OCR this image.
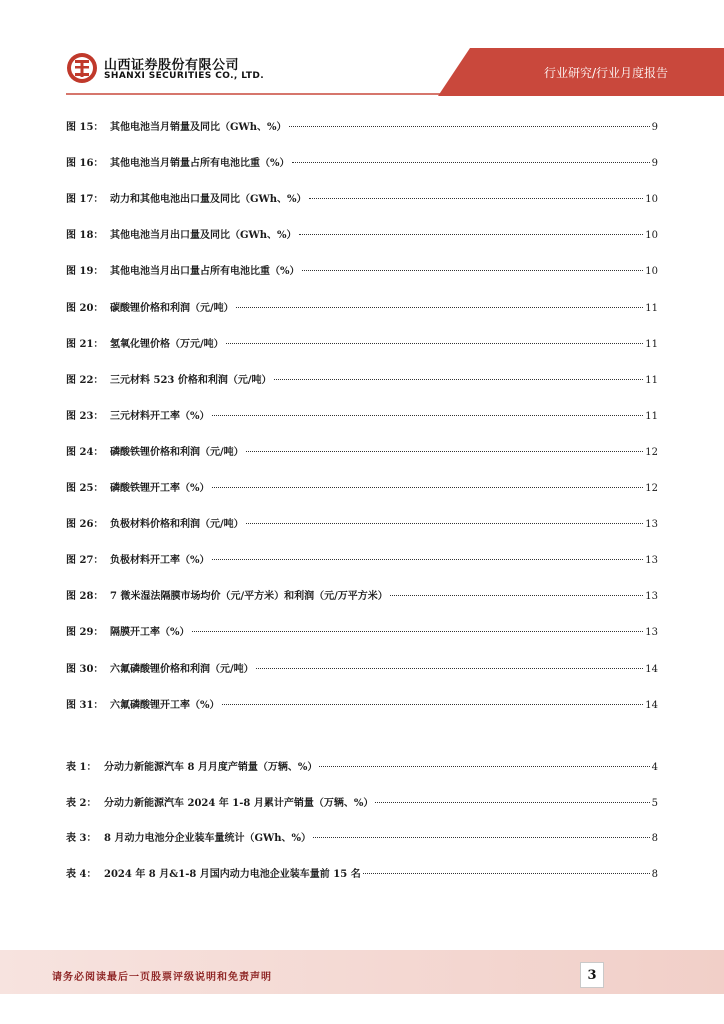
山西证券股份有限公司
SHANXI SECURITIES CO., LTD.	行业研究/行业月度报告
图 15： 其他电池当月销量及同比（GWh、%）	9
图 16： 其他电池当月销量占所有电池比重（%）	9
图 17： 动力和其他电池出口量及同比（GWh、%）	10
图 18： 其他电池当月出口量及同比（GWh、%）	10
图 19： 其他电池当月出口量占所有电池比重（%）	10
图 20： 碳酸锂价格和利润（元/吨）	11
图 21： 氢氧化锂价格（万元/吨）	11
图 22： 三元材料 523 价格和利润（元/吨）	11
图 23： 三元材料开工率（%）	11
图 24： 磷酸铁锂价格和利润（元/吨）	12
图 25： 磷酸铁锂开工率（%）	12
图 26： 负极材料价格和利润（元/吨）	13
图 27： 负极材料开工率（%）	13
图 28： 7 微米湿法隔膜市场均价（元/平方米）和利润（元/万平方米）	13
图 29： 隔膜开工率（%）	13
图 30： 六氟磷酸锂价格和利润（元/吨）	14
图 31： 六氟磷酸锂开工率（%）	14
表 1： 分动力新能源汽车 8 月月度产销量（万辆、%）	4
表 2： 分动力新能源汽车 2024 年 1-8 月累计产销量（万辆、%）	5
表 3： 8 月动力电池分企业装车量统计（GWh、%）	8
表 4： 2024 年 8 月&1-8 月国内动力电池企业装车量前 15 名	8
请务必阅读最后一页股票评级说明和免责声明	3
